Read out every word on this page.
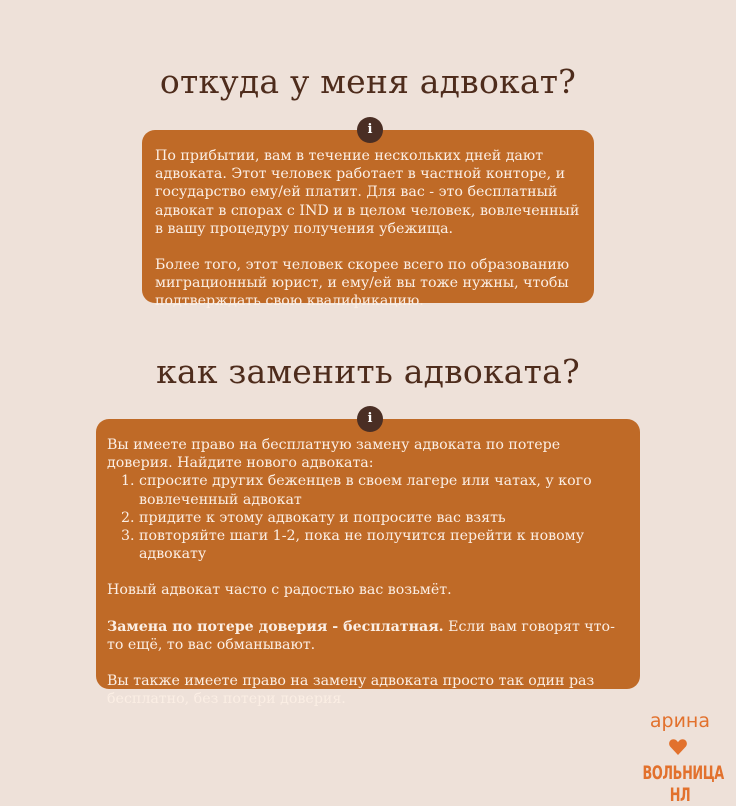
откуда у меня адвокат?

По прибытии, вам в течение нескольких дней дают адвоката. Этот человек работает в частной конторе, и государство ему/ей платит. Для вас - это бесплатный адвокат в спорах с IND и в целом человек, вовлеченный в вашу процедуру получения убежища.

Более того, этот человек скорее всего по образованию миграционный юрист, и ему/ей вы тоже нужны, чтобы подтверждать свою квалификацию.

i
как заменить адвоката?

Вы имеете право на бесплатную замену адвоката по потере доверия. Найдите нового адвоката:

1. спросите других беженцев в своем лагере или чатах, у кого вовлеченный адвокат
2. придите к этому адвокату и попросите вас взять
3. повторяйте шаги 1-2, пока не получится перейти к новому адвокату

Новый адвокат часто с радостью вас возьмёт.

Замена по потере доверия - бесплатная. Если вам говорят что-то ещё, то вас обманывают.

Вы также имеете право на замену адвоката просто так один раз бесплатно, без потери доверия.

i
арина
ВОЛЬНИЦА НЛ
